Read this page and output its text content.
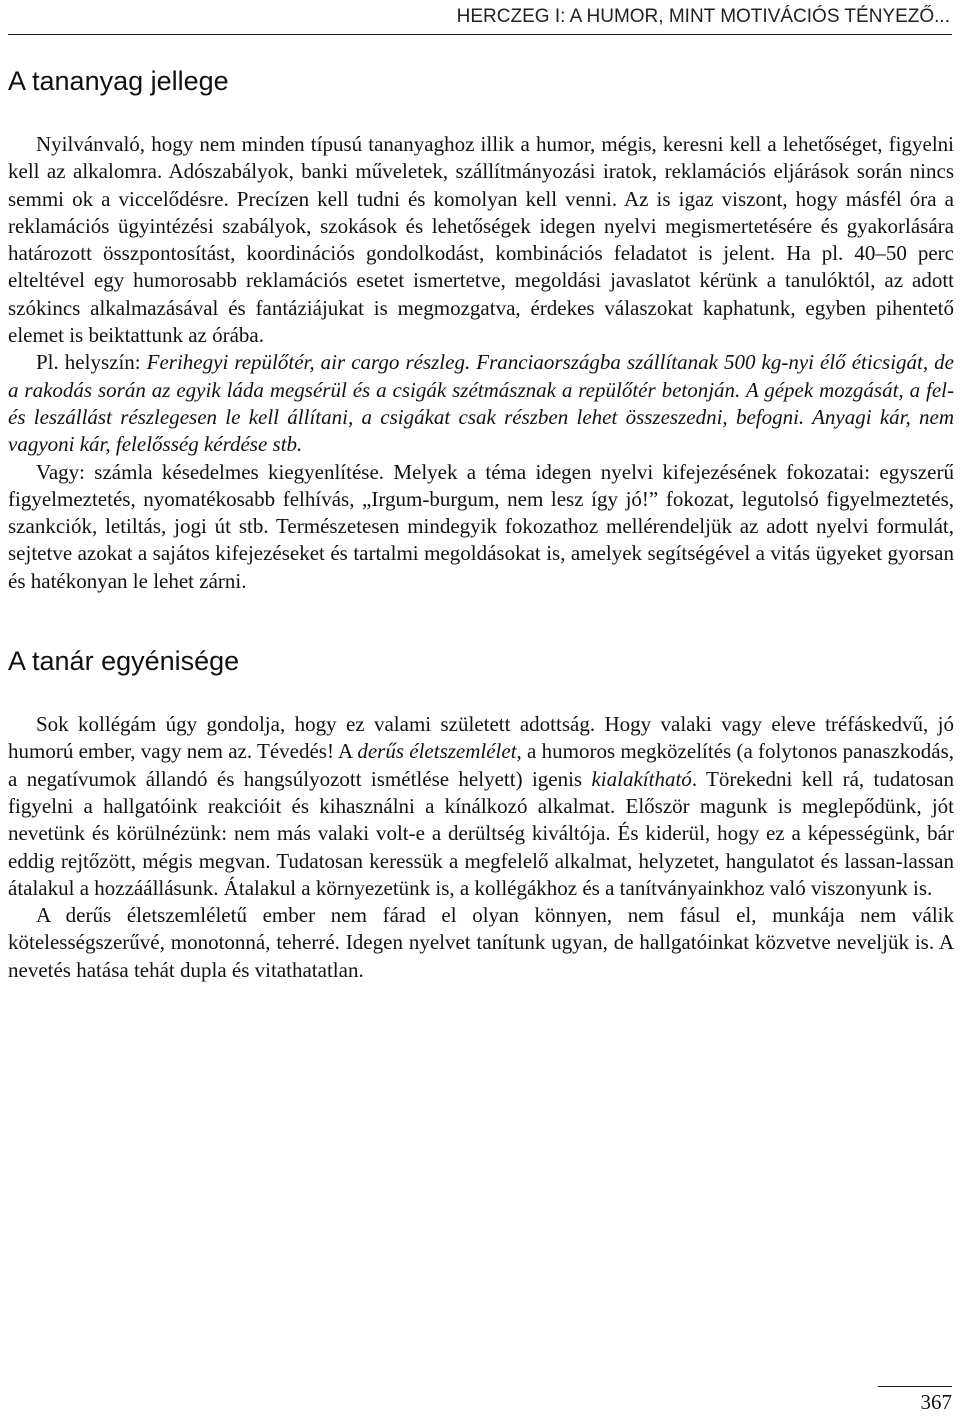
HERCZEG I: A HUMOR, MINT MOTIVÁCIÓS TÉNYEZŐ...
A tananyag jellege

Nyilvánvaló, hogy nem minden típusú tananyaghoz illik a humor, mégis, keresni kell a lehetőséget, figyelni kell az alkalomra. Adószabályok, banki műveletek, szállítmányozási iratok, reklamációs eljárások során nincs semmi ok a viccelődésre. Precízen kell tudni és komolyan kell venni. Az is igaz viszont, hogy másfél óra a reklamációs ügyintézési szabályok, szokások és lehetőségek idegen nyelvi megismertetésére és gyakorlására határozott összpontosítást, koordinációs gondolkodást, kombinációs feladatot is jelent. Ha pl. 40–50 perc elteltével egy humorosabb reklamációs esetet ismertetve, megoldási javaslatot kérünk a tanulóktól, az adott szókincs alkalmazásával és fantáziájukat is megmozgatva, érdekes válaszokat kaphatunk, egyben pihentető elemet is beiktattunk az órába.

Pl. helyszín: Ferihegyi repülőtér, air cargo részleg. Franciaországba szállítanak 500 kg-nyi élő éticsigát, de a rakodás során az egyik láda megsérül és a csigák szétmásznak a repülőtér betonján. A gépek mozgását, a fel- és leszállást részlegesen le kell állítani, a csigákat csak részben lehet összeszedni, befogni. Anyagi kár, nem vagyoni kár, felelősség kérdése stb.

Vagy: számla késedelmes kiegyenlítése. Melyek a téma idegen nyelvi kifejezésének fokozatai: egyszerű figyelmeztetés, nyomatékosabb felhívás, „Irgum-burgum, nem lesz így jó!” fokozat, legutolsó figyelmeztetés, szankciók, letiltás, jogi út stb. Természetesen mindegyik fokozathoz mellérendeljük az adott nyelvi formulát, sejtetve azokat a sajátos kifejezéseket és tartalmi megoldásokat is, amelyek segítségével a vitás ügyeket gyorsan és hatékonyan le lehet zárni.

A tanár egyénisége

Sok kollégám úgy gondolja, hogy ez valami született adottság. Hogy valaki vagy eleve tréfáskedvű, jó humorú ember, vagy nem az. Tévedés! A derűs életszemlélet, a humoros megközelítés (a folytonos panaszkodás, a negatívumok állandó és hangsúlyozott ismétlése helyett) igenis kialakítható. Törekedni kell rá, tudatosan figyelni a hallgatóink reakcióit és kihasználni a kínálkozó alkalmat. Először magunk is meglepődünk, jót nevetünk és körülnézünk: nem más valaki volt-e a derültség kiváltója. És kiderül, hogy ez a képességünk, bár eddig rejtőzött, mégis megvan. Tudatosan keressük a megfelelő alkalmat, helyzetet, hangulatot és lassan-lassan átalakul a hozzáállásunk. Átalakul a környezetünk is, a kollégákhoz és a tanítványainkhoz való viszonyunk is.

A derűs életszemléletű ember nem fárad el olyan könnyen, nem fásul el, munkája nem válik kötelességszerűvé, monotonná, teherré. Idegen nyelvet tanítunk ugyan, de hallgatóinkat közvetve neveljük is. A nevetés hatása tehát dupla és vitathatatlan.

367
